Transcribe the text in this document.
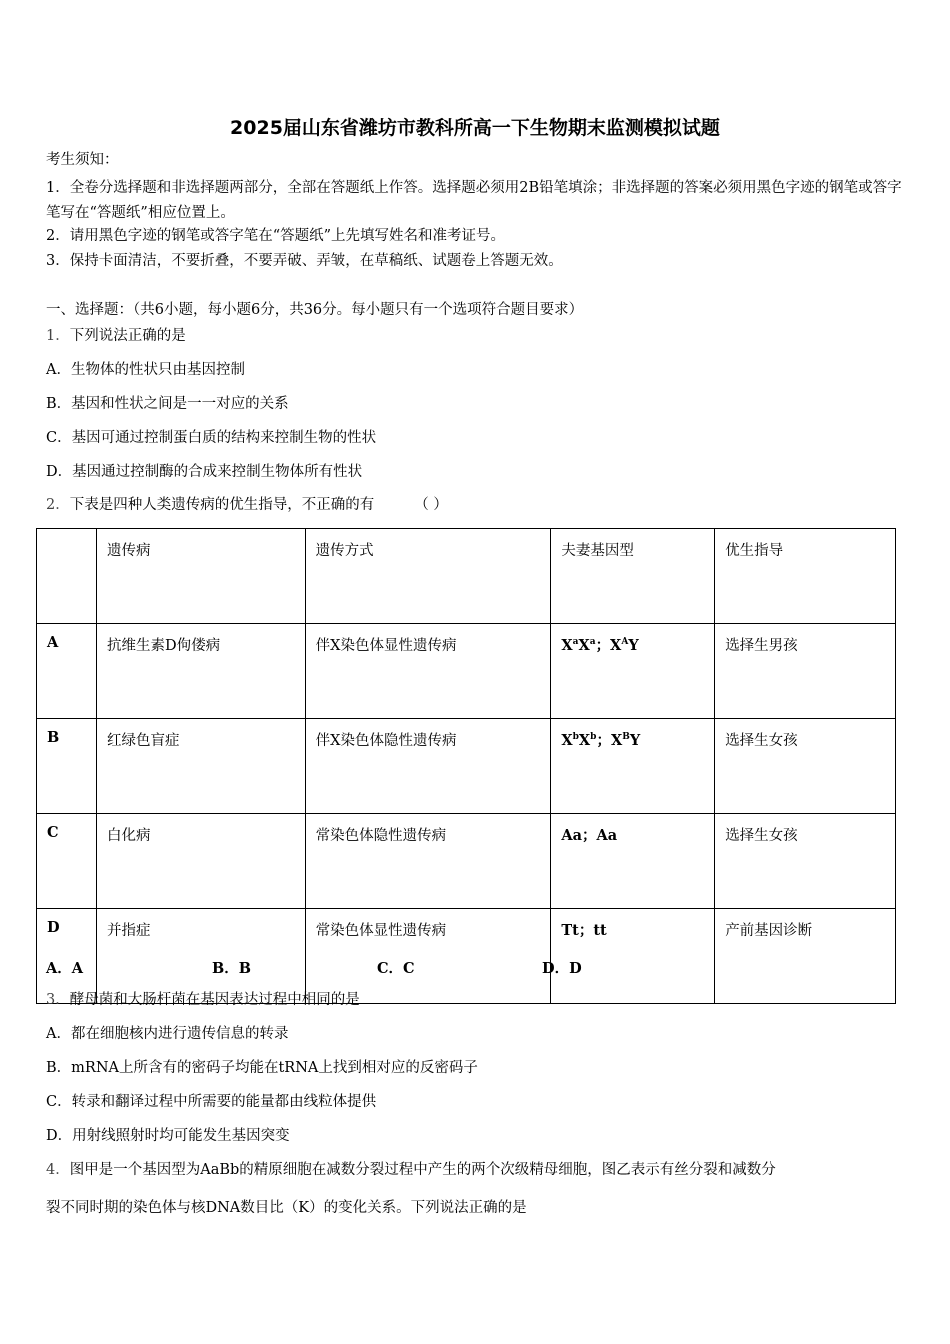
2025届山东省潍坊市教科所高一下生物期末监测模拟试题
考生须知：
1．全卷分选择题和非选择题两部分，全部在答题纸上作答。选择题必须用2B铅笔填涂；非选择题的答案必须用黑色字迹的钢笔或答字笔写在“答题纸”相应位置上。
2．请用黑色字迹的钢笔或答字笔在“答题纸”上先填写姓名和准考证号。
3．保持卡面清洁，不要折叠，不要弄破、弄皱，在草稿纸、试题卷上答题无效。
一、选择题：（共6小题，每小题6分，共36分。每小题只有一个选项符合题目要求）
1．下列说法正确的是
A．生物体的性状只由基因控制
B．基因和性状之间是一一对应的关系
C．基因可通过控制蛋白质的结构来控制生物的性状
D．基因通过控制酶的合成来控制生物体所有性状
2．下表是四种人类遗传病的优生指导，不正确的有	（ ）
	遗传病	遗传方式	夫妻基因型	优生指导
A	抗维生素D佝偻病	伴X染色体显性遗传病	$X^aX^a$；$X^AY$	选择生男孩
B	红绿色盲症	伴X染色体隐性遗传病	$X^bX^b$；$X^BY$	选择生女孩
C	白化病	常染色体隐性遗传病	Aa；Aa	选择生女孩
D	并指症	常染色体显性遗传病	Tt；tt	产前基因诊断
A．A	B．B	C．C	D．D
3．酵母菌和大肠杆菌在基因表达过程中相同的是
A．都在细胞核内进行遗传信息的转录
B．mRNA上所含有的密码子均能在tRNA上找到相对应的反密码子
C．转录和翻译过程中所需要的能量都由线粒体提供
D．用射线照射时均可能发生基因突变
4．图甲是一个基因型为AaBb的精原细胞在减数分裂过程中产生的两个次级精母细胞，图乙表示有丝分裂和减数分
裂不同时期的染色体与核DNA数目比（K）的变化关系。下列说法正确的是
